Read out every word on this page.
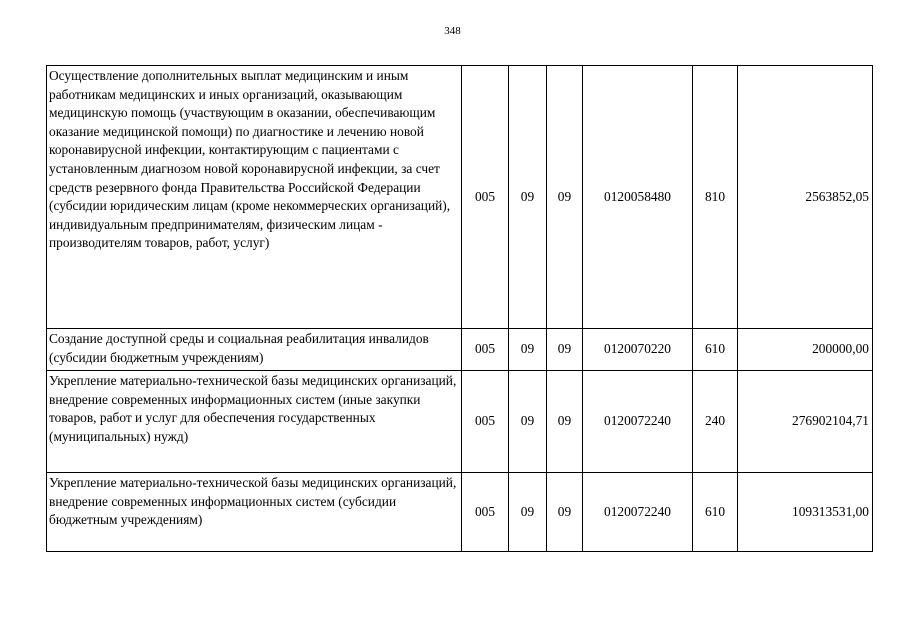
348
Осуществление дополнительных выплат медицинским и иным работникам медицинских и иных организаций, оказывающим медицинскую помощь (участвующим в оказании, обеспечивающим оказание медицинской помощи) по диагностике и лечению новой коронавирусной инфекции, контактирующим с пациентами с установленным диагнозом новой коронавирусной инфекции, за счет средств резервного фонда Правительства Российской Федерации (субсидии юридическим лицам (кроме некоммерческих организаций), индивидуальным предпринимателям, физическим лицам - производителям товаров, работ, услуг)	005	09	09	0120058480	810	2563852,05
Создание доступной среды и социальная реабилитация инвалидов (субсидии бюджетным учреждениям)	005	09	09	0120070220	610	200000,00
Укрепление материально-технической базы медицинских организаций, внедрение современных информационных систем (иные закупки товаров, работ и услуг для обеспечения государственных (муниципальных) нужд)	005	09	09	0120072240	240	276902104,71
Укрепление материально-технической базы медицинских организаций, внедрение современных информационных систем (субсидии бюджетным учреждениям)	005	09	09	0120072240	610	109313531,00
